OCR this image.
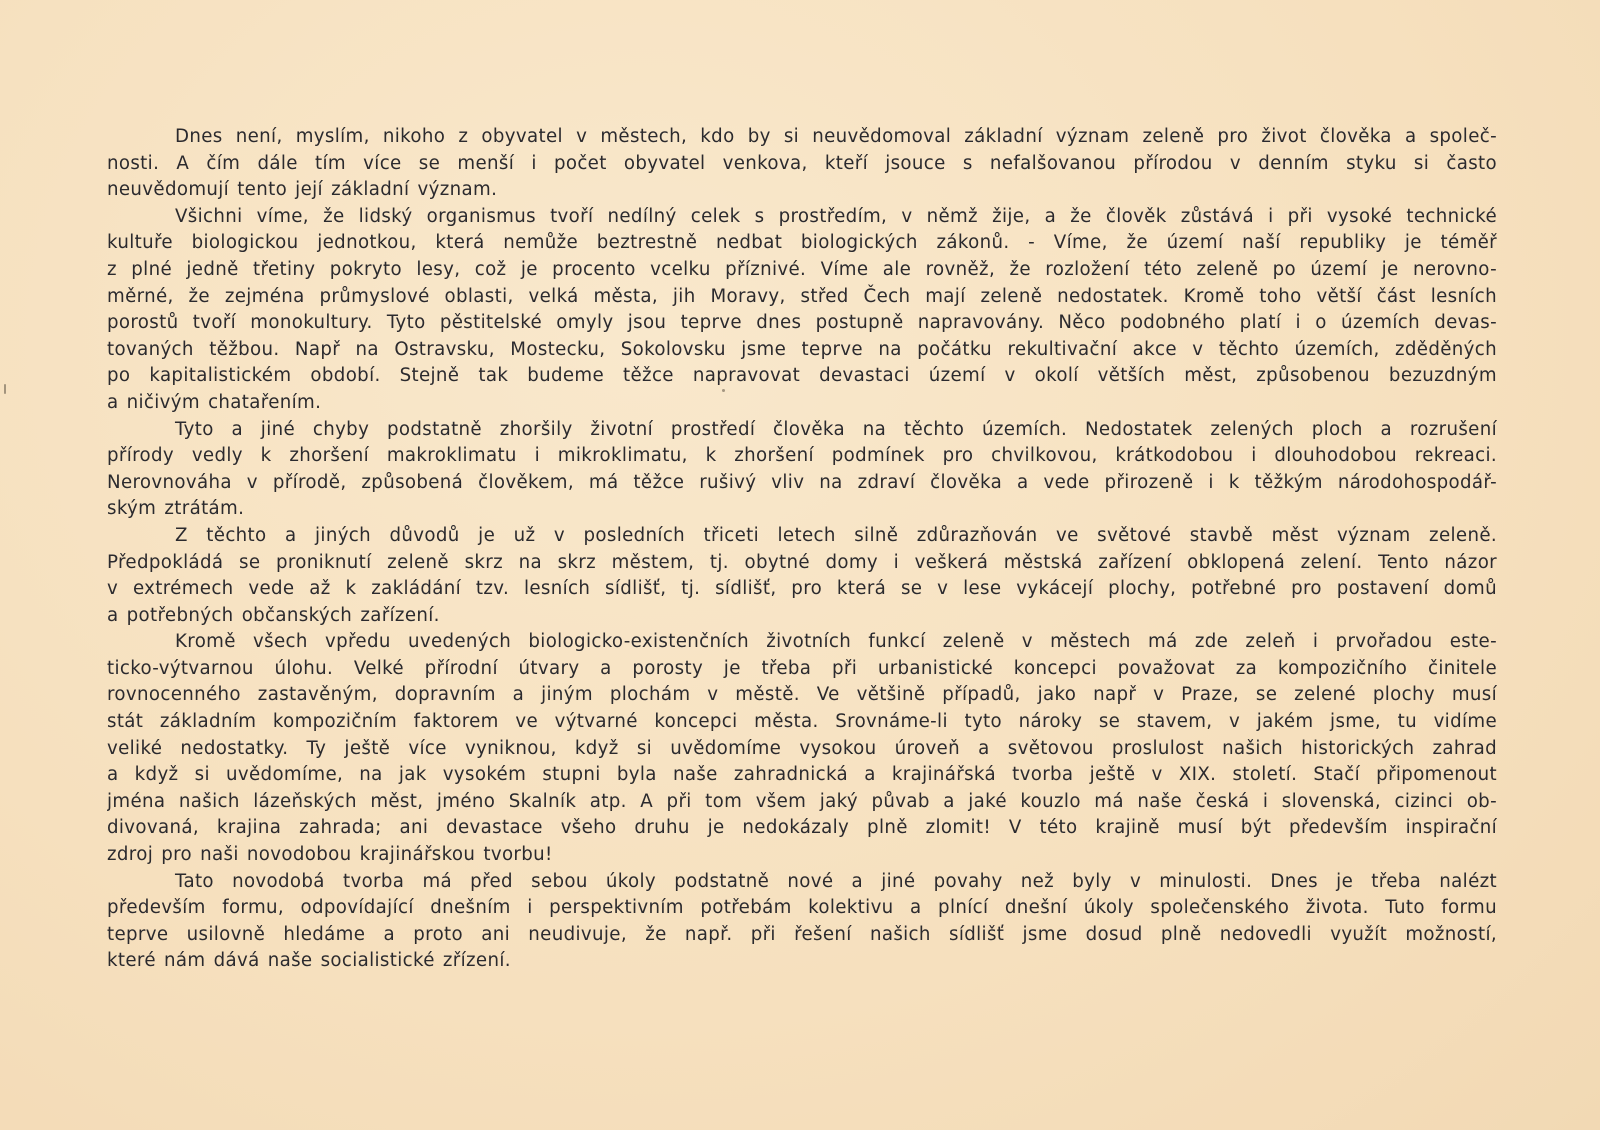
Dnes není, myslím, nikoho z obyvatel v městech, kdo by si neuvědomoval základní význam zeleně pro život člověka a společ-
nosti. A čím dále tím více se menší i počet obyvatel venkova, kteří jsouce s nefalšovanou přírodou v denním styku si často
neuvědomují tento její základní význam.

Všichni víme, že lidský organismus tvoří nedílný celek s prostředím, v němž žije, a že člověk zůstává i při vysoké technické
kultuře biologickou jednotkou, která nemůže beztrestně nedbat biologických zákonů. - Víme, že území naší republiky je téměř
z plné jedně třetiny pokryto lesy, což je procento vcelku příznivé. Víme ale rovněž, že rozložení této zeleně po území je nerovno-
měrné, že zejména průmyslové oblasti, velká města, jih Moravy, střed Čech mají zeleně nedostatek. Kromě toho větší část lesních
porostů tvoří monokultury. Tyto pěstitelské omyly jsou teprve dnes postupně napravovány. Něco podobného platí i o územích devas-
tovaných těžbou. Např na Ostravsku, Mostecku, Sokolovsku jsme teprve na počátku rekultivační akce v těchto územích, zděděných
po kapitalistickém období. Stejně tak budeme těžce napravovat devastaci území v okolí větších měst, způsobenou bezuzdným
a ničivým chatařením.

Tyto a jiné chyby podstatně zhoršily životní prostředí člověka na těchto územích. Nedostatek zelených ploch a rozrušení
přírody vedly k zhoršení makroklimatu i mikroklimatu, k zhoršení podmínek pro chvilkovou, krátkodobou i dlouhodobou rekreaci.
Nerovnováha v přírodě, způsobená člověkem, má těžce rušivý vliv na zdraví člověka a vede přirozeně i k těžkým národohospodář-
ským ztrátám.

Z těchto a jiných důvodů je už v posledních třiceti letech silně zdůrazňován ve světové stavbě měst význam zeleně.
Předpokládá se proniknutí zeleně skrz na skrz městem, tj. obytné domy i veškerá městská zařízení obklopená zelení. Tento názor
v extrémech vede až k zakládání tzv. lesních sídlišť, tj. sídlišť, pro která se v lese vykácejí plochy, potřebné pro postavení domů
a potřebných občanských zařízení.

Kromě všech vpředu uvedených biologicko-existenčních životních funkcí zeleně v městech má zde zeleň i prvořadou este-
ticko-výtvarnou úlohu. Velké přírodní útvary a porosty je třeba při urbanistické koncepci považovat za kompozičního činitele
rovnocenného zastavěným, dopravním a jiným plochám v městě. Ve většině případů, jako např v Praze, se zelené plochy musí
stát základním kompozičním faktorem ve výtvarné koncepci města. Srovnáme-li tyto nároky se stavem, v jakém jsme, tu vidíme
veliké nedostatky. Ty ještě více vyniknou, když si uvědomíme vysokou úroveň a světovou proslulost našich historických zahrad
a když si uvědomíme, na jak vysokém stupni byla naše zahradnická a krajinářská tvorba ještě v XIX. století. Stačí připomenout
jména našich lázeňských měst, jméno Skalník atp. A při tom všem jaký půvab a jaké kouzlo má naše česká i slovenská, cizinci ob-
divovaná, krajina zahrada; ani devastace všeho druhu je nedokázaly plně zlomit! V této krajině musí být především inspirační
zdroj pro naši novodobou krajinářskou tvorbu!

Tato novodobá tvorba má před sebou úkoly podstatně nové a jiné povahy než byly v minulosti. Dnes je třeba nalézt
především formu, odpovídající dnešním i perspektivním potřebám kolektivu a plnící dnešní úkoly společenského života. Tuto formu
teprve usilovně hledáme a proto ani neudivuje, že např. při řešení našich sídlišť jsme dosud plně nedovedli využít možností,
které nám dává naše socialistické zřízení.
